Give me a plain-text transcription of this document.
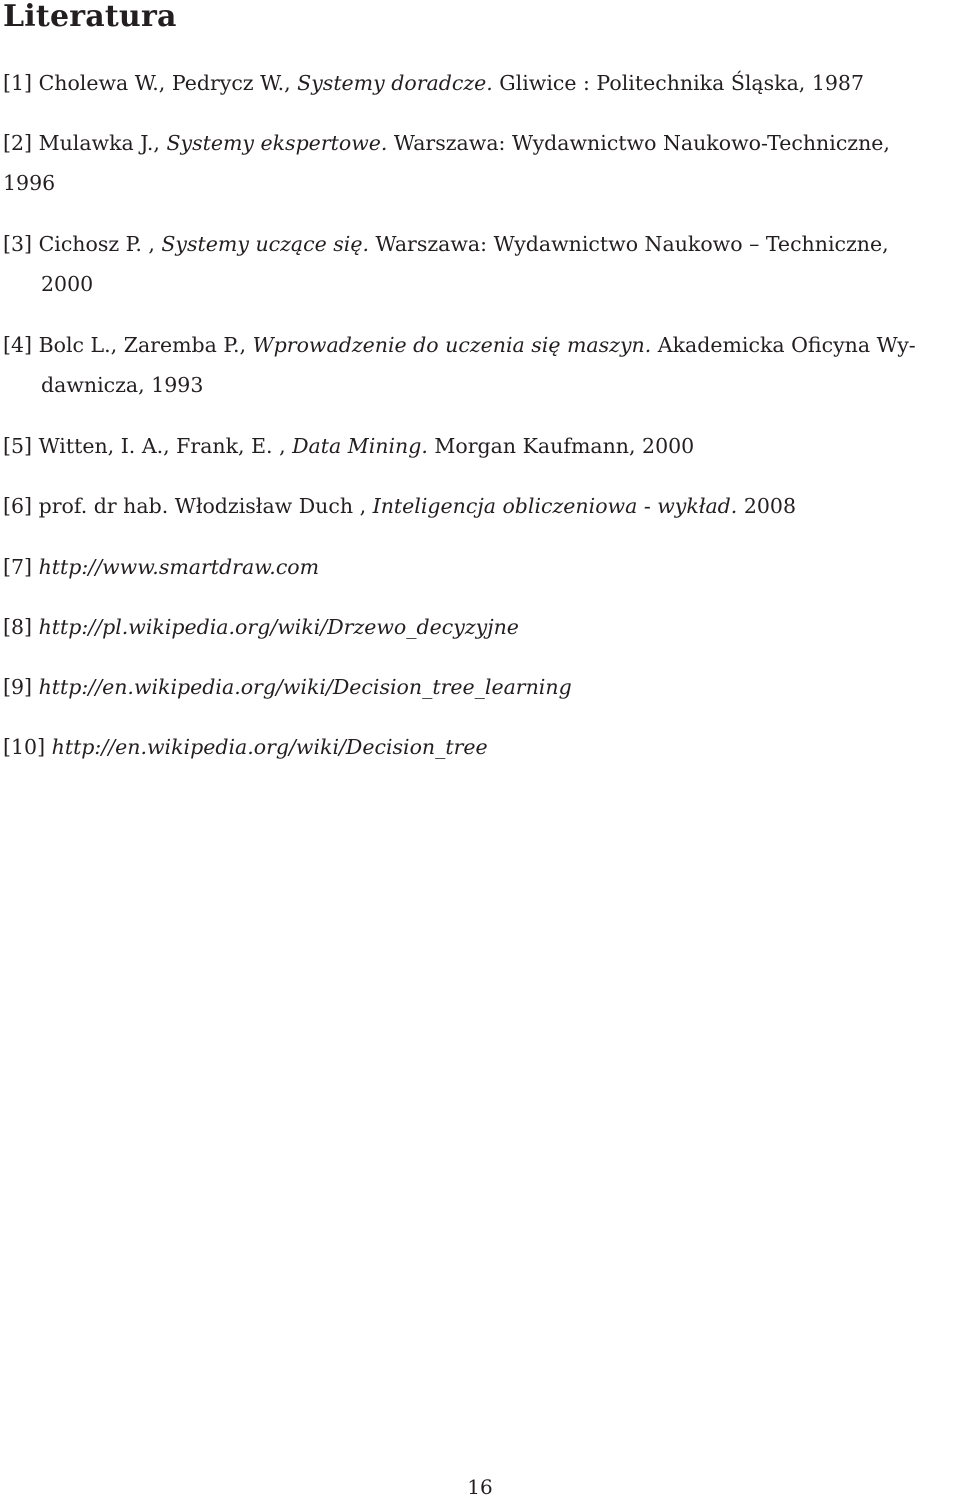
Literatura
[1] Cholewa W., Pedrycz W., Systemy doradcze. Gliwice : Politechnika Śląska, 1987
[2] Mulawka J., Systemy ekspertowe. Warszawa: Wydawnictwo Naukowo-Techniczne,
1996
[3] Cichosz P. , Systemy uczące się. Warszawa: Wydawnictwo Naukowo – Techniczne,
2000
[4] Bolc L., Zaremba P., Wprowadzenie do uczenia się maszyn. Akademicka Oficyna Wy-
dawnicza, 1993
[5] Witten, I. A., Frank, E. , Data Mining. Morgan Kaufmann, 2000
[6] prof. dr hab. Włodzisław Duch , Inteligencja obliczeniowa - wykład. 2008
[7] http://www.smartdraw.com
[8] http://pl.wikipedia.org/wiki/Drzewo_decyzyjne
[9] http://en.wikipedia.org/wiki/Decision_tree_learning
[10] http://en.wikipedia.org/wiki/Decision_tree
16
